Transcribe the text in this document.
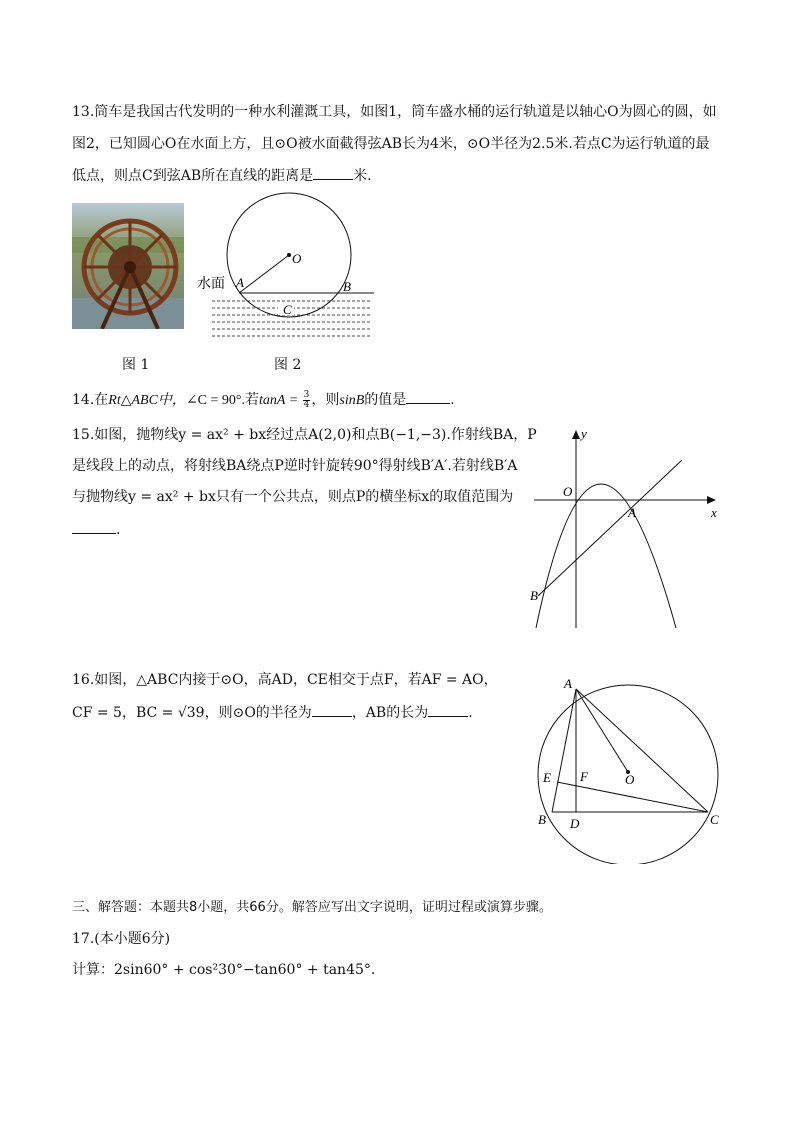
13.筒车是我国古代发明的一种水利灌溉工具，如图1，筒车盛水桶的运行轨道是以轴心O为圆心的圆，如
图2，已知圆心O在水面上方，且⊙O被水面截得弦AB长为4米，⊙O半径为2.5米.若点C为运行轨道的最
低点，则点C到弦AB所在直线的距离是	米.
图 1
水面
O
A	B
C
图 2
14.在Rt△ABC中，∠C = 90°.若$\tan A = \frac{3}{4}$ ，则sinB的值是	.
15.如图，抛物线y = ax² + bx经过点A(2,0)和点B(−1,−3).作射线BA，P
是线段上的动点，将射线BA绕点P逆时针旋转90°得射线B′A′.若射线B′A
与抛物线y = ax² + bx只有一个公共点，则点P的横坐标x的取值范围为
.
y
x
O
A
B
16.如图，△ABC内接于⊙O，高AD，CE相交于点F，若AF = AO，
CF = 5，BC = √39，则⊙O的半径为	，AB的长为	.
A
B	C
D
E F	O
三、解答题：本题共8小题，共66分。解答应写出文字说明，证明过程或演算步骤。
17.(本小题6分)
计算：2sin60° + cos²30°−tan60° + tan45°.
